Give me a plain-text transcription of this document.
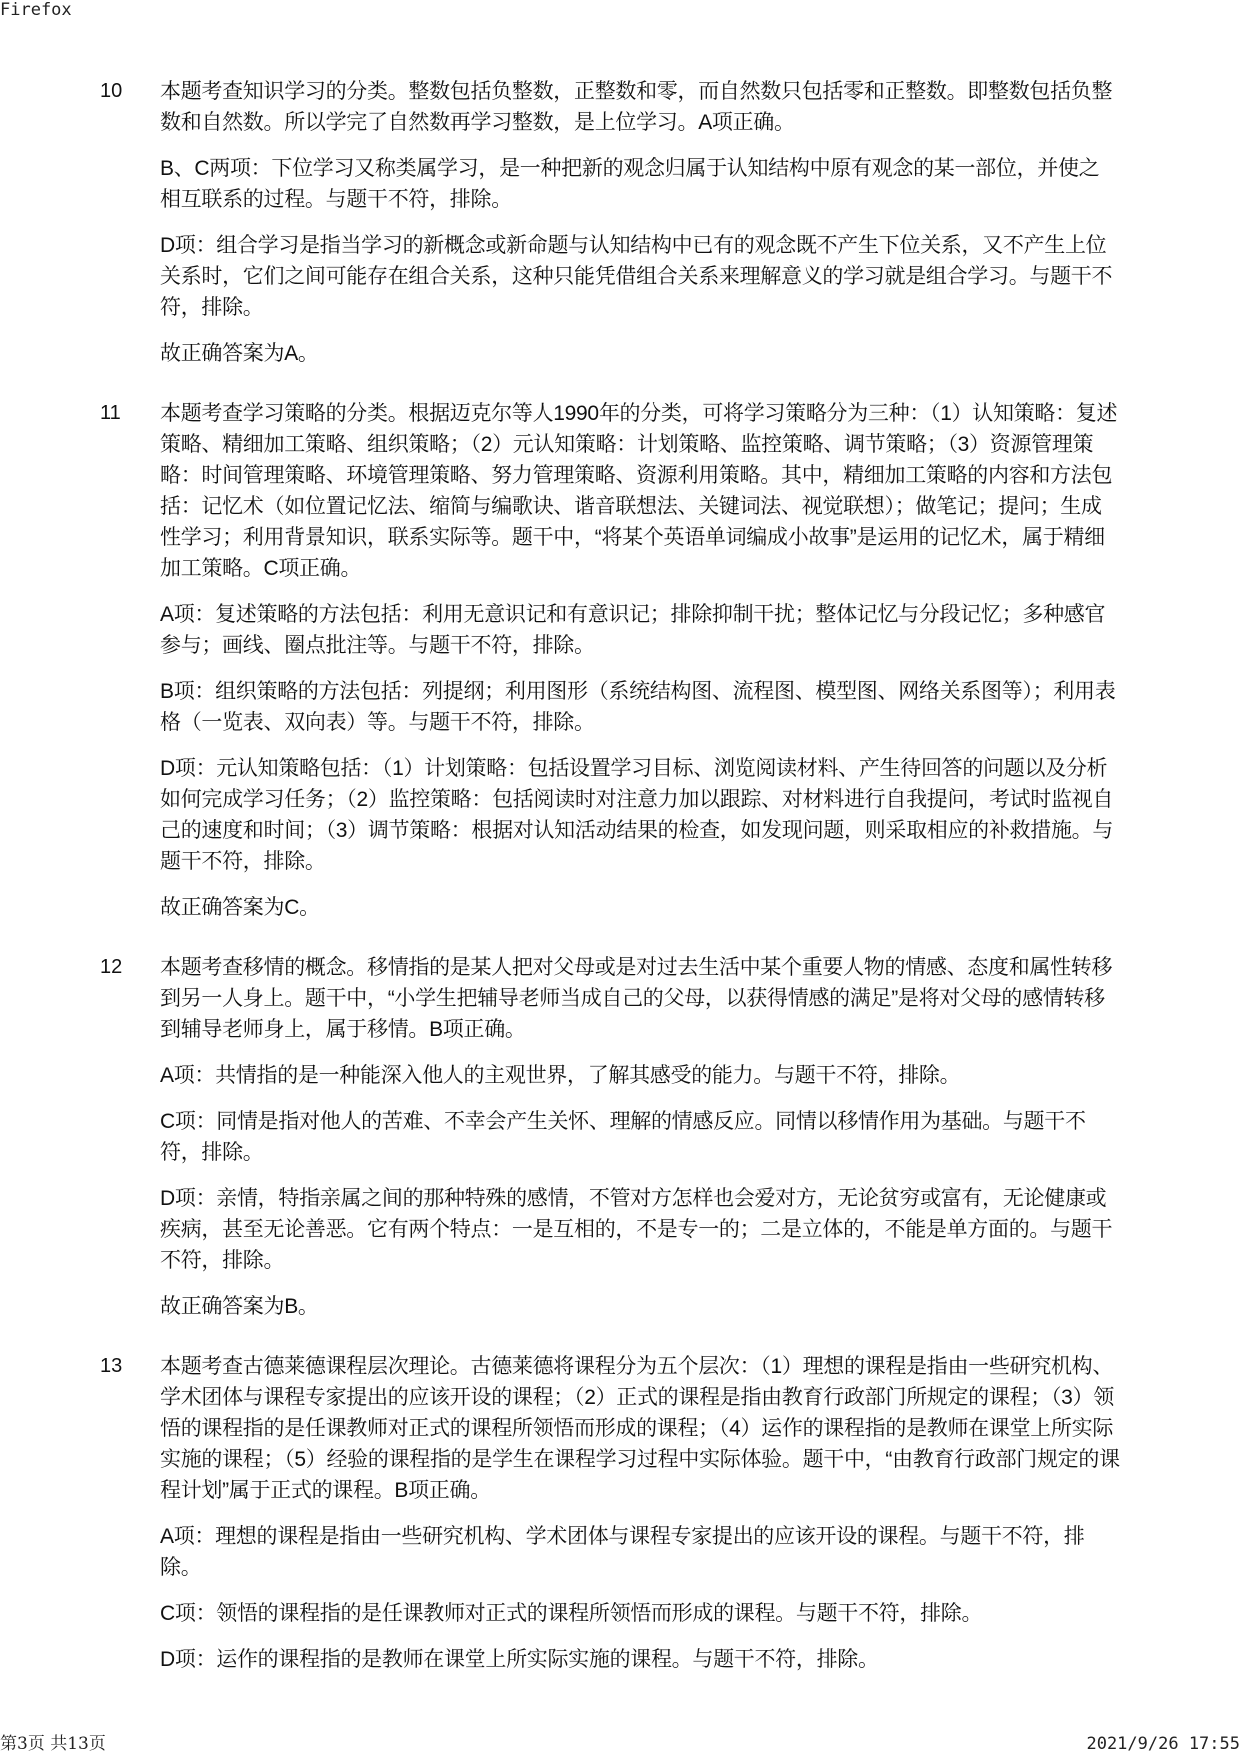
Firefox
10	本题考查知识学习的分类。整数包括负整数，正整数和零，而自然数只包括零和正整数。即整数包括负整数和自然数。所以学完了自然数再学习整数，是上位学习。A项正确。

B、C两项：下位学习又称类属学习，是一种把新的观念归属于认知结构中原有观念的某一部位，并使之相互联系的过程。与题干不符，排除。

D项：组合学习是指当学习的新概念或新命题与认知结构中已有的观念既不产生下位关系，又不产生上位关系时，它们之间可能存在组合关系，这种只能凭借组合关系来理解意义的学习就是组合学习。与题干不符，排除。

故正确答案为A。

11	本题考查学习策略的分类。根据迈克尔等人1990年的分类，可将学习策略分为三种：（1）认知策略：复述策略、精细加工策略、组织策略；（2）元认知策略：计划策略、监控策略、调节策略；（3）资源管理策略：时间管理策略、环境管理策略、努力管理策略、资源利用策略。其中，精细加工策略的内容和方法包括：记忆术（如位置记忆法、缩简与编歌诀、谐音联想法、关键词法、视觉联想）；做笔记；提问；生成性学习；利用背景知识，联系实际等。题干中，“将某个英语单词编成小故事”是运用的记忆术，属于精细加工策略。C项正确。

A项：复述策略的方法包括：利用无意识记和有意识记；排除抑制干扰；整体记忆与分段记忆；多种感官参与；画线、圈点批注等。与题干不符，排除。

B项：组织策略的方法包括：列提纲；利用图形（系统结构图、流程图、模型图、网络关系图等）；利用表格（一览表、双向表）等。与题干不符，排除。

D项：元认知策略包括：（1）计划策略：包括设置学习目标、浏览阅读材料、产生待回答的问题以及分析如何完成学习任务；（2）监控策略：包括阅读时对注意力加以跟踪、对材料进行自我提问，考试时监视自己的速度和时间；（3）调节策略：根据对认知活动结果的检查，如发现问题，则采取相应的补救措施。与题干不符，排除。

故正确答案为C。

12	本题考查移情的概念。移情指的是某人把对父母或是对过去生活中某个重要人物的情感、态度和属性转移到另一人身上。题干中，“小学生把辅导老师当成自己的父母，以获得情感的满足”是将对父母的感情转移到辅导老师身上，属于移情。B项正确。

A项：共情指的是一种能深入他人的主观世界，了解其感受的能力。与题干不符，排除。

C项：同情是指对他人的苦难、不幸会产生关怀、理解的情感反应。同情以移情作用为基础。与题干不符，排除。

D项：亲情，特指亲属之间的那种特殊的感情，不管对方怎样也会爱对方，无论贫穷或富有，无论健康或疾病，甚至无论善恶。它有两个特点：一是互相的，不是专一的；二是立体的，不能是单方面的。与题干不符，排除。

故正确答案为B。

13	本题考查古德莱德课程层次理论。古德莱德将课程分为五个层次：（1）理想的课程是指由一些研究机构、学术团体与课程专家提出的应该开设的课程；（2）正式的课程是指由教育行政部门所规定的课程；（3）领悟的课程指的是任课教师对正式的课程所领悟而形成的课程；（4）运作的课程指的是教师在课堂上所实际实施的课程；（5）经验的课程指的是学生在课程学习过程中实际体验。题干中，“由教育行政部门规定的课程计划”属于正式的课程。B项正确。

A项：理想的课程是指由一些研究机构、学术团体与课程专家提出的应该开设的课程。与题干不符，排除。

C项：领悟的课程指的是任课教师对正式的课程所领悟而形成的课程。与题干不符，排除。

D项：运作的课程指的是教师在课堂上所实际实施的课程。与题干不符，排除。

第3页 共13页	2021/9/26 17:55
